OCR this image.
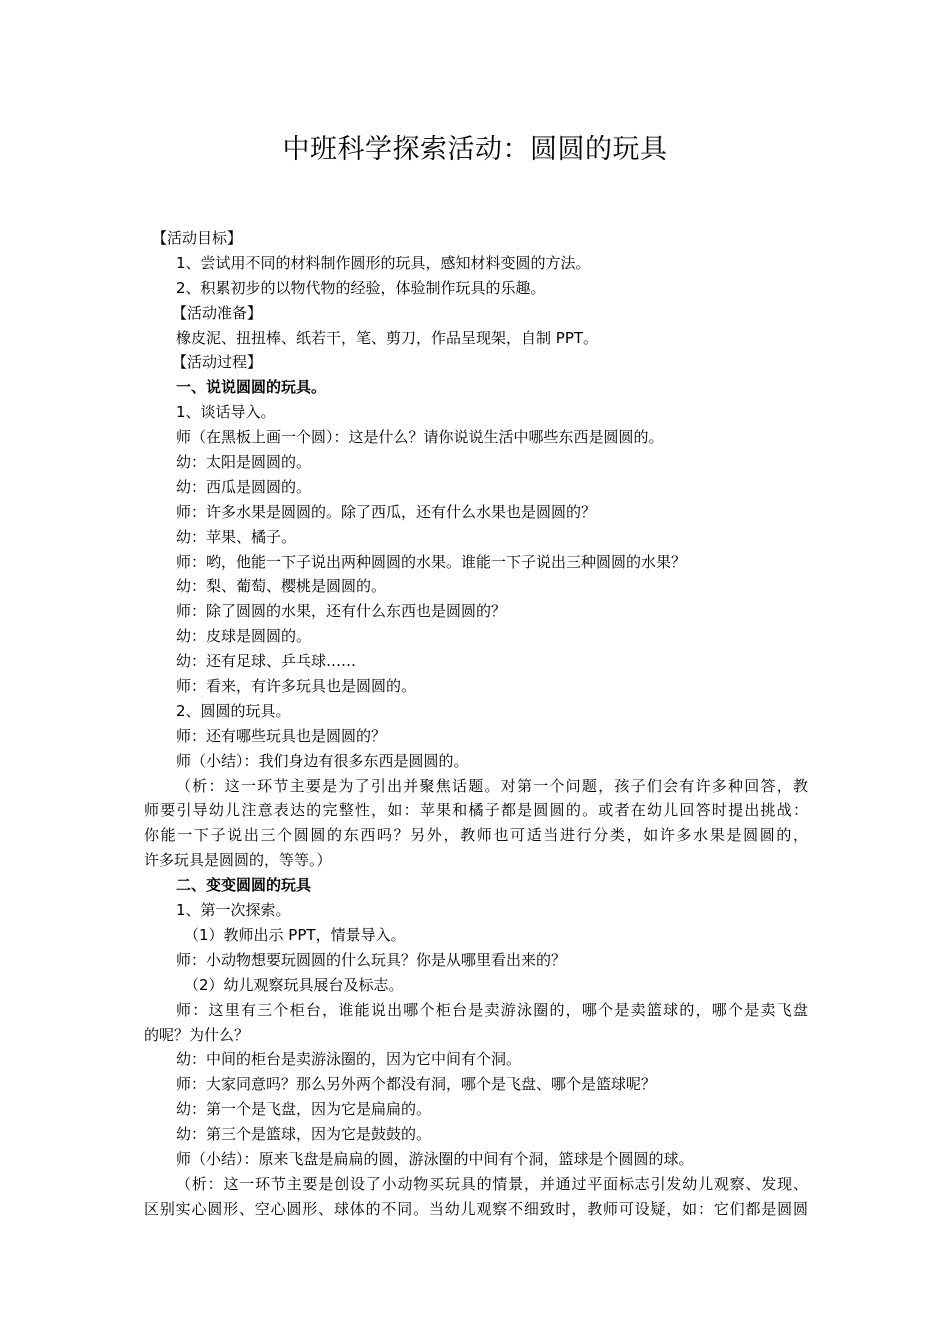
中班科学探索活动：圆圆的玩具
【活动目标】
1、尝试用不同的材料制作圆形的玩具，感知材料变圆的方法。
2、积累初步的以物代物的经验，体验制作玩具的乐趣。
【活动准备】
橡皮泥、扭扭棒、纸若干，笔、剪刀，作品呈现架，自制 PPT。
【活动过程】
一、说说圆圆的玩具。
1、谈话导入。
师（在黑板上画一个圆）：这是什么？请你说说生活中哪些东西是圆圆的。
幼：太阳是圆圆的。
幼：西瓜是圆圆的。
师：许多水果是圆圆的。除了西瓜，还有什么水果也是圆圆的？
幼：苹果、橘子。
师：哟，他能一下子说出两种圆圆的水果。谁能一下子说出三种圆圆的水果？
幼：梨、葡萄、樱桃是圆圆的。
师：除了圆圆的水果，还有什么东西也是圆圆的？
幼：皮球是圆圆的。
幼：还有足球、乒乓球……
师：看来，有许多玩具也是圆圆的。
2、圆圆的玩具。
师：还有哪些玩具也是圆圆的？
师（小结）：我们身边有很多东西是圆圆的。
（析：这一环节主要是为了引出并聚焦话题。对第一个问题，孩子们会有许多种回答，教
师要引导幼儿注意表达的完整性，如：苹果和橘子都是圆圆的。或者在幼儿回答时提出挑战：
你能一下子说出三个圆圆的东西吗？另外，教师也可适当进行分类，如许多水果是圆圆的，
许多玩具是圆圆的，等等。）
二、变变圆圆的玩具
1、第一次探索。
（1）教师出示 PPT，情景导入。
师：小动物想要玩圆圆的什么玩具？你是从哪里看出来的？
（2）幼儿观察玩具展台及标志。
师：这里有三个柜台，谁能说出哪个柜台是卖游泳圈的，哪个是卖篮球的，哪个是卖飞盘
的呢？为什么？
幼：中间的柜台是卖游泳圈的，因为它中间有个洞。
师：大家同意吗？那么另外两个都没有洞，哪个是飞盘、哪个是篮球呢？
幼：第一个是飞盘，因为它是扁扁的。
幼：第三个是篮球，因为它是鼓鼓的。
师（小结）：原来飞盘是扁扁的圆，游泳圈的中间有个洞，篮球是个圆圆的球。
（析：这一环节主要是创设了小动物买玩具的情景，并通过平面标志引发幼儿观察、发现、
区别实心圆形、空心圆形、球体的不同。当幼儿观察不细致时，教师可设疑，如：它们都是圆圆
